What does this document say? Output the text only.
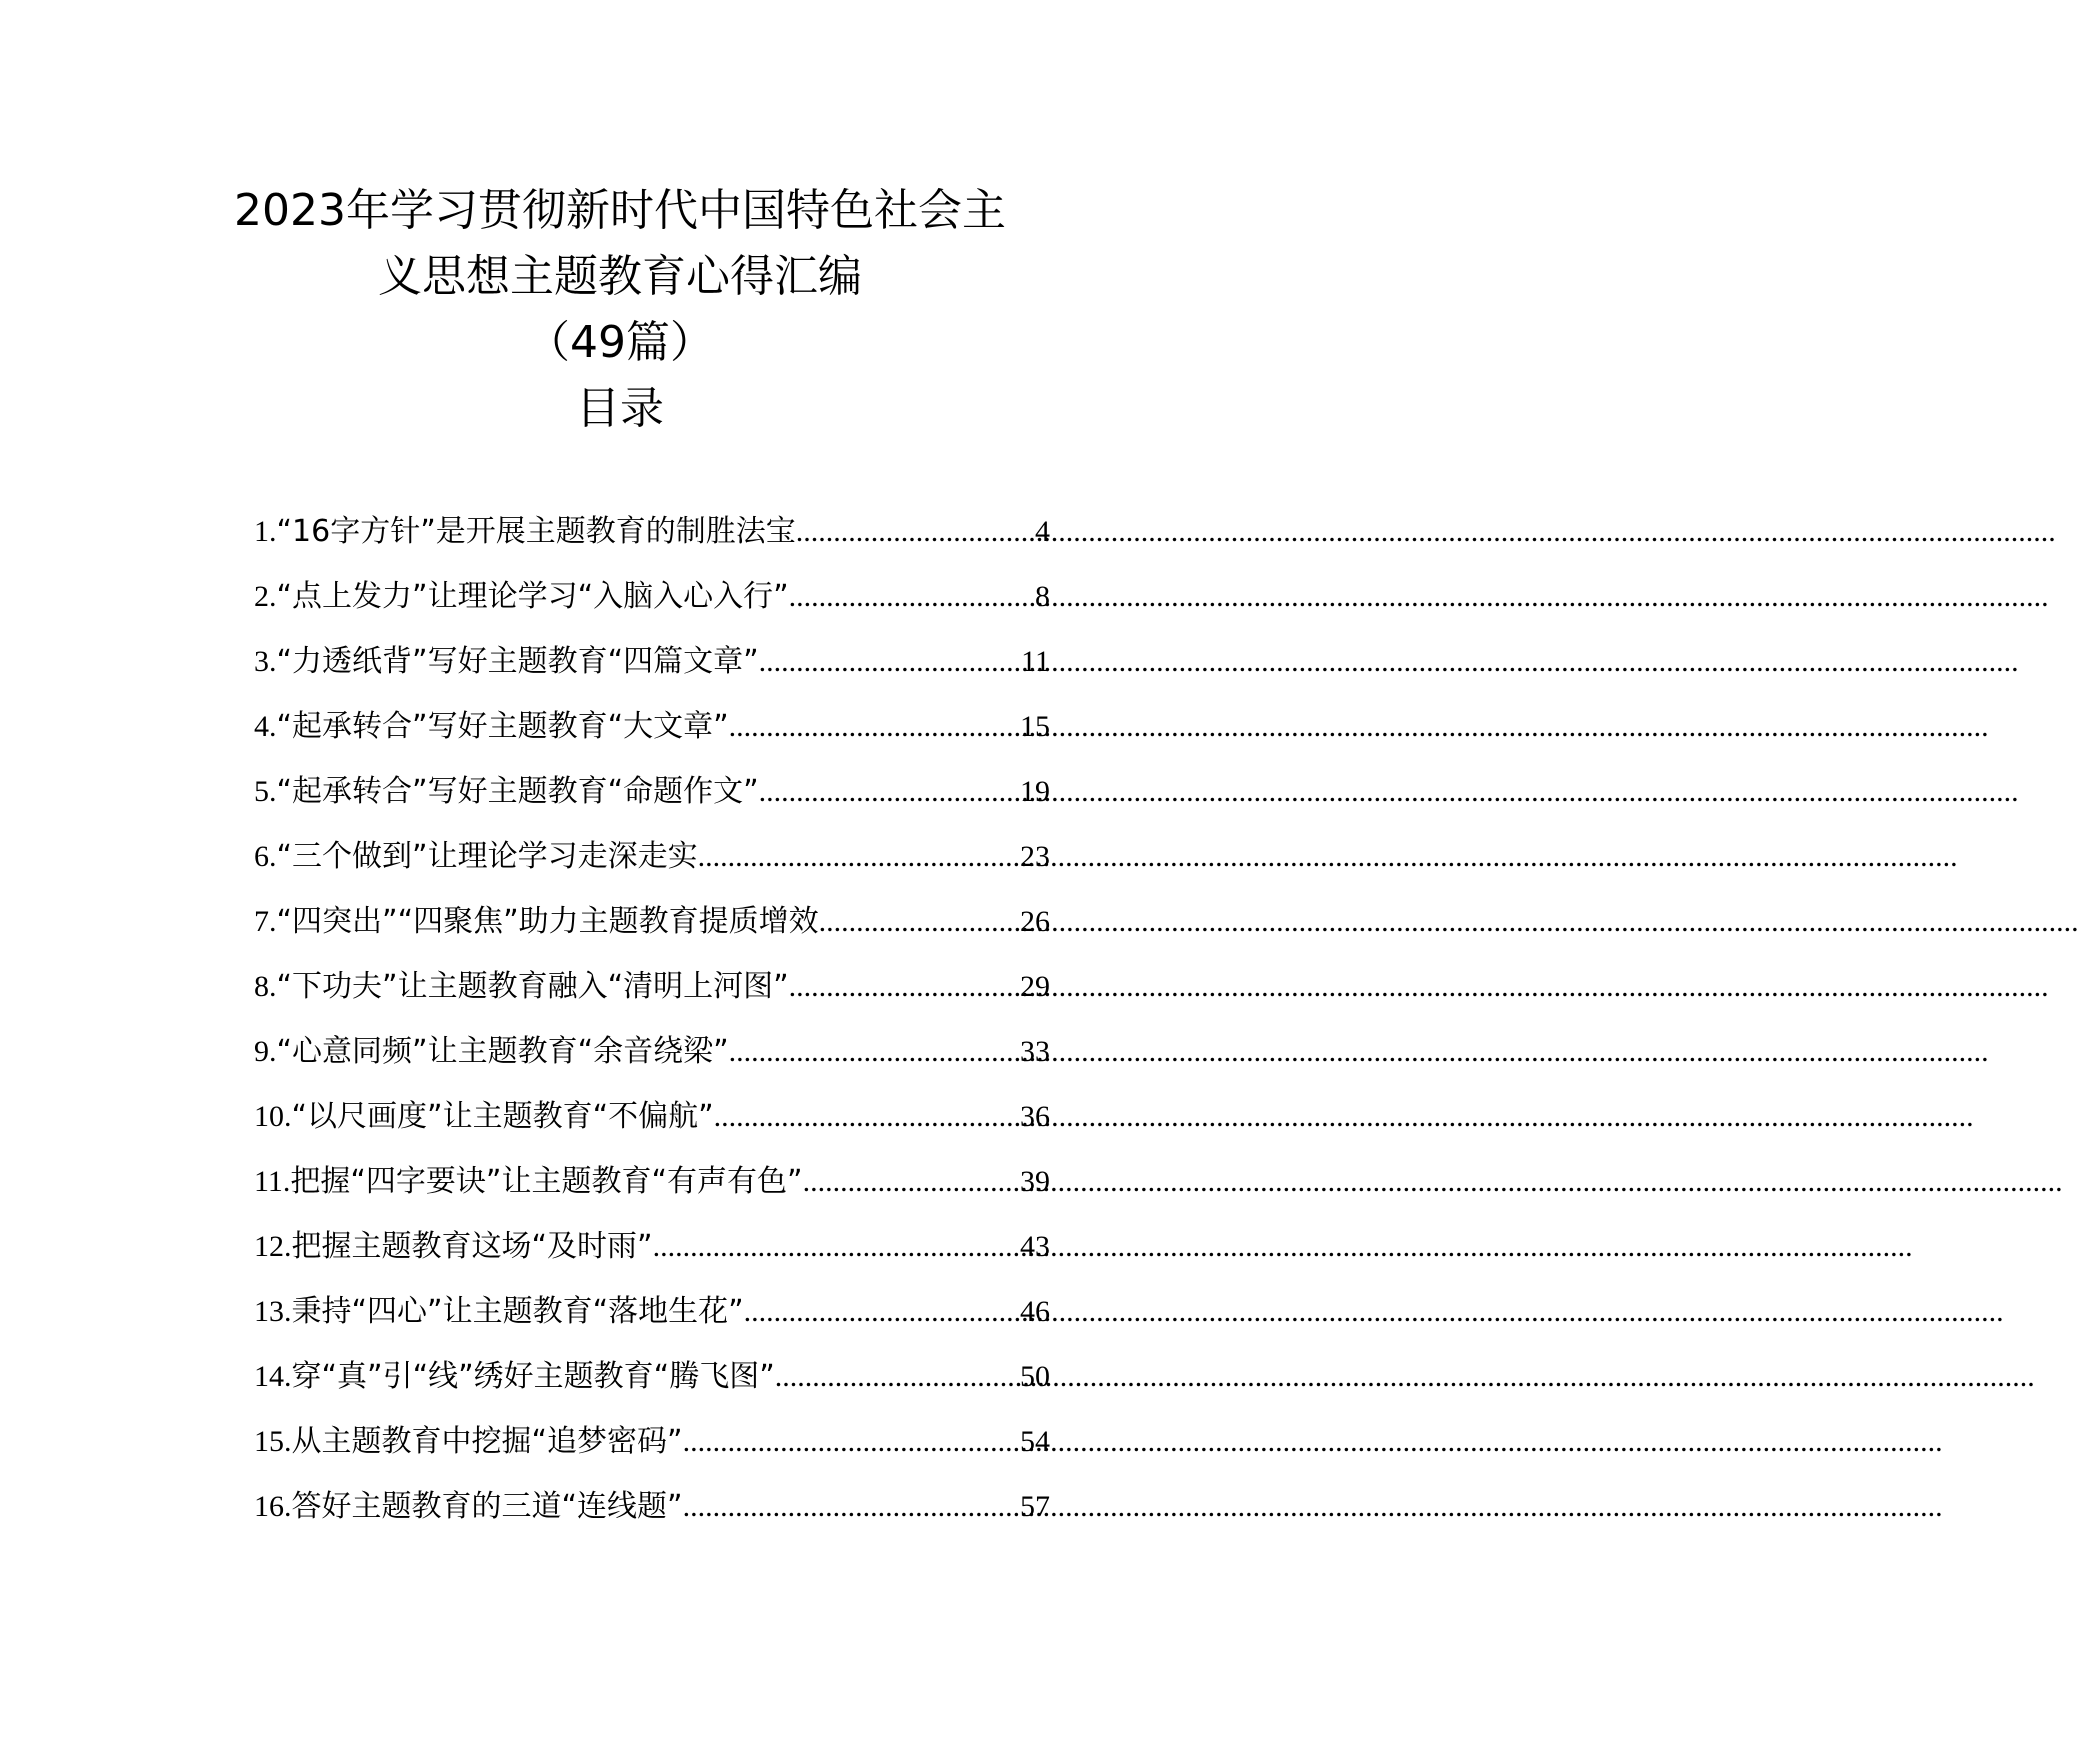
2023年学习贯彻新时代中国特色社会主
义思想主题教育心得汇编
（49篇）
目录
1. “16字方针”是开展主题教育的制胜法宝 .....	4
2. “点上发力”让理论学习“入脑入心入行” .....	8
3. “力透纸背”写好主题教育“四篇文章” .....	11
4. “起承转合”写好主题教育“大文章” .....	15
5. “起承转合”写好主题教育“命题作文” .....	19
6. “三个做到”让理论学习走深走实 .....	23
7. “四突出”“四聚焦”助力主题教育提质增效 .....	26
8. “下功夫”让主题教育融入“清明上河图” .....	29
9. “心意同频”让主题教育“余音绕梁” .....	33
10. “以尺画度”让主题教育“不偏航” .....	36
11. 把握“四字要诀”让主题教育“有声有色” .....	39
12. 把握主题教育这场“及时雨” .....	43
13. 秉持“四心”让主题教育“落地生花” .....	46
14. 穿“真”引“线”绣好主题教育“腾飞图” .....	50
15. 从主题教育中挖掘“追梦密码” .....	54
16. 答好主题教育的三道“连线题” .....	57
